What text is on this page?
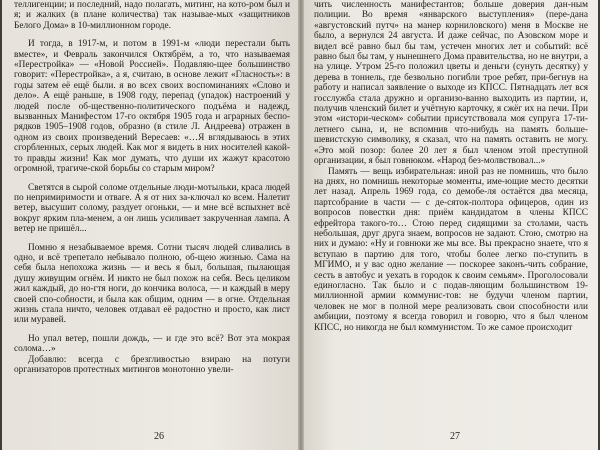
теллигенции; и последний, надо полагать, митинг, на кото-ром был и я; и жалких (в плане количества) так называе-мых «защитников Белого Дома» в 10-миллионном городе.

И тогда, в 1917-м, и потом в 1991-м «люди перестали быть вместе», и Февраль закончился Октябрём, а то, что называемая «Перестройка» — «Новой Россией». Подавляю-щее большинство говорит: «Перестройка», а я, считаю, в основе лежит «Гласность»: в годы затем её ещё были. я во всех своих воспоминаниях «Слово и дело». А ещё раньше, в 1908 году, перепад (упадок) настроений у людей после об-щественно-политического подъёма и надежд, вызванных Манифестом 17-го октября 1905 года и аграрных беспо-рядков 1905–1908 годов, образно (в стиле Л. Андреева) отражен в одном из своих произведений Вересаев: «…Я вглядываюсь в этих сгорбленных, серых людей. Как мог я видеть в них носителей какой-то правды жизни! Как мог думать, что души их жажут красотою огромной, трагиче-ской борьбы со старым миром?

Светятся в сырой соломе отдельные люди-мотыльки, краса людей по непримиримости и отваге. А я от них за-ключал ко всем. Налетит ветер, высушит солому, раздует огоньки, — и мне всё вспыхнет всё вокруг ярким пла-менем, а он лишь усиливает закрученная лампа. А ветер не пришёл...

Помню я незабываемое время. Сотни тысяч людей сливались в одно, и всё трепетало небывало полною, об-щею жизнью. Сама на себя была непохожа жизнь — и весь я был, большая, пылающая душу живущим огнём. И никто не был похож на себя. Весь целиком жил каждый, до но-гтя ноги, до кончика волоса, — и каждый в меру своей спо-собности, и была как общим, одним — в огне. Отдельная жизнь стала ничто, человек отдавал её радостно и просто, как лист или муравей.

Но упал ветер, пошли дождь, — и где это всё? Вот эта мокрая солома…»

Добавлю: всегда с брезгливостью взираю на потуги организаторов протестных митингов монотонно увели-

26

чить численность манифестантов; больше доверия дан-ным полиции. Во время «январского выступления» (пере-дана «августовский путч» на манер корниловского) меня в Москве не было, а вернулся 24 августа. И даже сейчас, по Азовском море и видел всё равно был бы там, устечен многих лет и событий: всё равно был бы там, у нынешнего Дома правительства, но не внутри, а на улице. Утром 25-го положил цветы и деньги (сунуть десятку) у дерева в тоннель, где безвольно погибли трое ребят, при-бегнув на работу и написал заявление о выходе из КПСС. Пятнадцать лет вся госслужба стала дружно и организо-ванно выходить из партии, и, получив членский билет и учётную карточку, я сжёг их на печи. При этом «истори-ческом» событии присутствовала моя супруга 17-ти-летнего сына, и, не вспомнив что-нибудь на память больше-шевистскую символику, я сказал, что на память оставить не могу. «Это мой позор: более 20 лет я был членом этой преступной организации, я был говнюком. «Народ без-молвствовал...»

Память — вещь избирательная: иной раз не помнишь, что было на днях, но помнишь некоторые моменты, име-ющие место десятки лет назад. Апрель 1969 года, со демобе-ля остаётся два месяца, партсобрание в части — с де-сяток-полтора офицеров, один из вопросов повестки дня: приём кандидатом в члены КПСС ефрейтора такого-то… Стою перед сидящими за столами, часть небольшая, друг друга знаем, вопросов не задают. Стою, смотрю на них и думаю: «Ну и говнюки же мы все. Вы прекрасно знаете, что я вступаю в партию для того, чтобы более легко по-ступить в МГИМО, и у вас одно желание — поскорее законъ-чить собрание, сесть в автобус и уехать в городок к своим семьям». Проголосовали единогласно. Так было и с подав-ляющим большинством 19-миллионной армии коммунис-тов: не будучи членом партии, человек не мог в полной мере реализовать свои способности или амбиции, поэтому я всегда говорил и говорю, что я был членом КПСС, но никогда не был коммунистом. То же самое происходит

27
